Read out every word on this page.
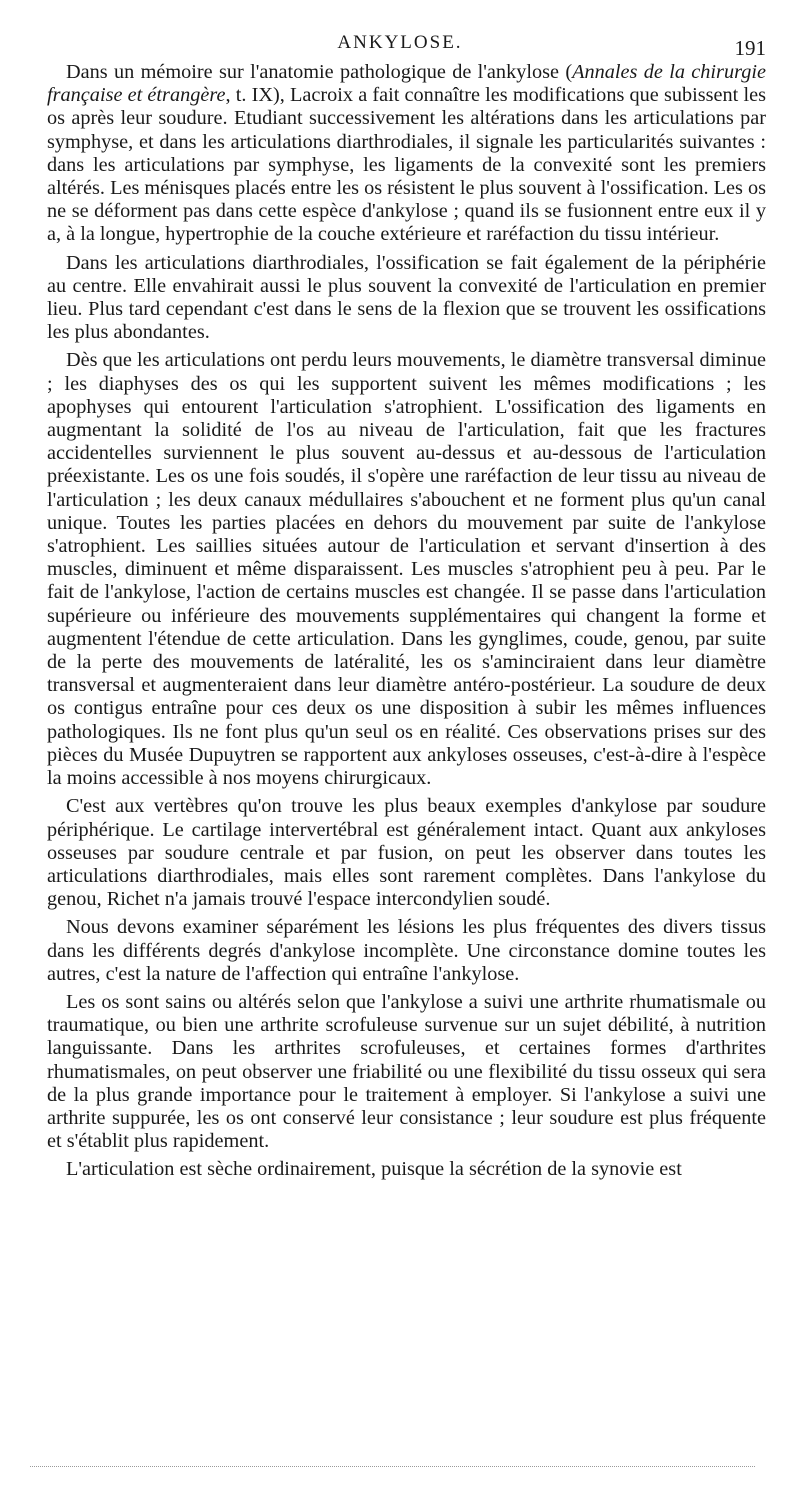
ANKYLOSE.	191

Dans un mémoire sur l'anatomie pathologique de l'ankylose (Annales de la chirurgie française et étrangère, t. IX), Lacroix a fait connaître les modifications que subissent les os après leur soudure. Etudiant successivement les altérations dans les articulations par symphyse, et dans les articulations diarthrodiales, il signale les particularités suivantes : dans les articulations par symphyse, les ligaments de la convexité sont les premiers altérés. Les ménisques placés entre les os résistent le plus souvent à l'ossification. Les os ne se déforment pas dans cette espèce d'ankylose ; quand ils se fusionnent entre eux il y a, à la longue, hypertrophie de la couche extérieure et raréfaction du tissu intérieur.

Dans les articulations diarthrodiales, l'ossification se fait également de la périphérie au centre. Elle envahirait aussi le plus souvent la convexité de l'articulation en premier lieu. Plus tard cependant c'est dans le sens de la flexion que se trouvent les ossifications les plus abondantes.

Dès que les articulations ont perdu leurs mouvements, le diamètre transversal diminue ; les diaphyses des os qui les supportent suivent les mêmes modifications ; les apophyses qui entourent l'articulation s'atrophient. L'ossification des ligaments en augmentant la solidité de l'os au niveau de l'articulation, fait que les fractures accidentelles surviennent le plus souvent au-dessus et au-dessous de l'articulation préexistante. Les os une fois soudés, il s'opère une raréfaction de leur tissu au niveau de l'articulation ; les deux canaux médullaires s'abouchent et ne forment plus qu'un canal unique. Toutes les parties placées en dehors du mouvement par suite de l'ankylose s'atrophient. Les saillies situées autour de l'articulation et servant d'insertion à des muscles, diminuent et même disparaissent. Les muscles s'atrophient peu à peu. Par le fait de l'ankylose, l'action de certains muscles est changée. Il se passe dans l'articulation supérieure ou inférieure des mouvements supplémentaires qui changent la forme et augmentent l'étendue de cette articulation. Dans les gynglimes, coude, genou, par suite de la perte des mouvements de latéralité, les os s'aminciraient dans leur diamètre transversal et augmenteraient dans leur diamètre antéro-postérieur. La soudure de deux os contigus entraîne pour ces deux os une disposition à subir les mêmes influences pathologiques. Ils ne font plus qu'un seul os en réalité. Ces observations prises sur des pièces du Musée Dupuytren se rapportent aux ankyloses osseuses, c'est-à-dire à l'espèce la moins accessible à nos moyens chirurgicaux.

C'est aux vertèbres qu'on trouve les plus beaux exemples d'ankylose par soudure périphérique. Le cartilage intervertébral est généralement intact. Quant aux ankyloses osseuses par soudure centrale et par fusion, on peut les observer dans toutes les articulations diarthrodiales, mais elles sont rarement complètes. Dans l'ankylose du genou, Richet n'a jamais trouvé l'espace intercondylien soudé.

Nous devons examiner séparément les lésions les plus fréquentes des divers tissus dans les différents degrés d'ankylose incomplète. Une circonstance domine toutes les autres, c'est la nature de l'affection qui entraîne l'ankylose.

Les os sont sains ou altérés selon que l'ankylose a suivi une arthrite rhumatismale ou traumatique, ou bien une arthrite scrofuleuse survenue sur un sujet débilité, à nutrition languissante. Dans les arthrites scrofuleuses, et certaines formes d'arthrites rhumatismales, on peut observer une friabilité ou une flexibilité du tissu osseux qui sera de la plus grande importance pour le traitement à employer. Si l'ankylose a suivi une arthrite suppurée, les os ont conservé leur consistance ; leur soudure est plus fréquente et s'établit plus rapidement.

L'articulation est sèche ordinairement, puisque la sécrétion de la synovie est
